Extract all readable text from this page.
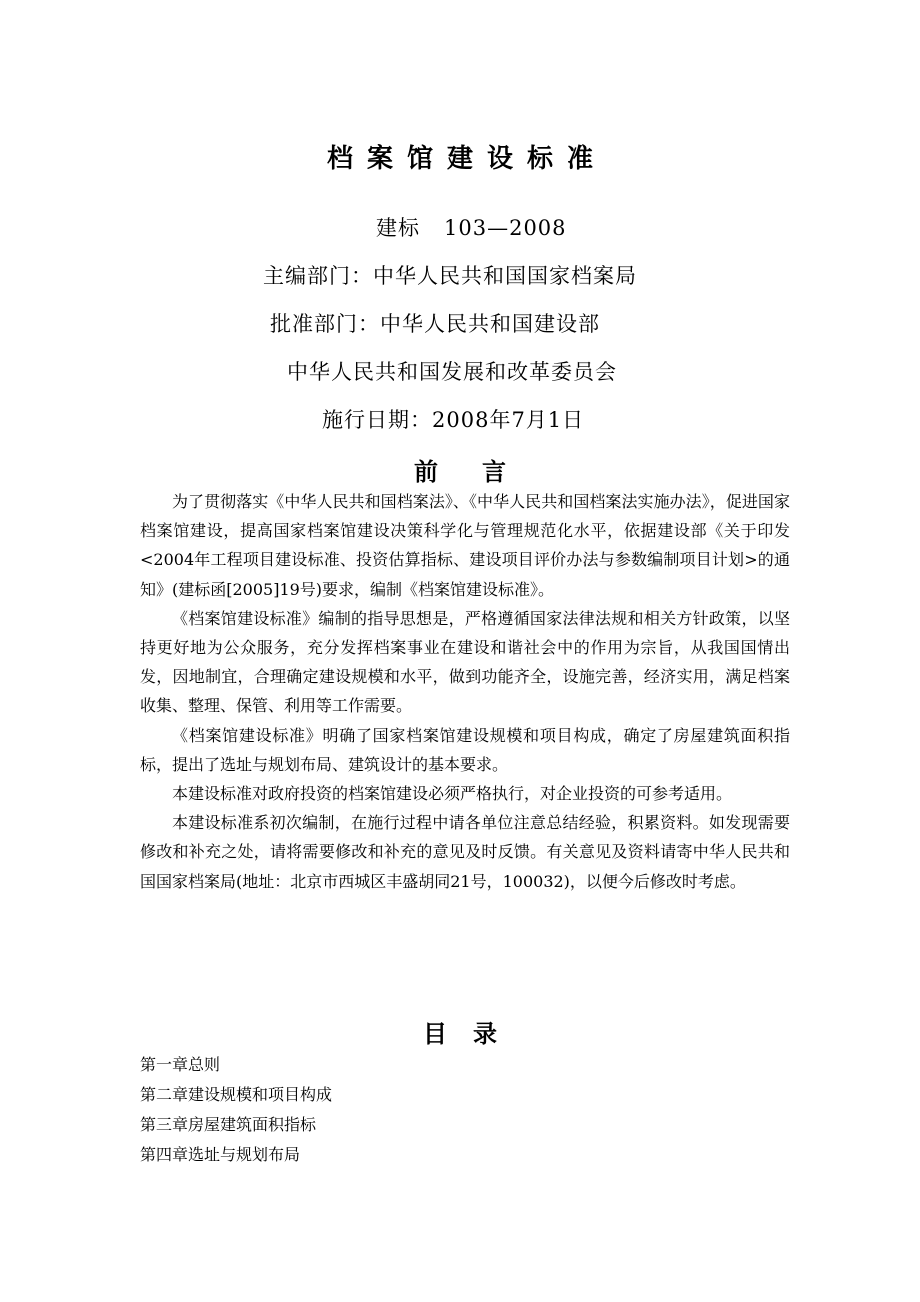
档案馆建设标准
建标 103—2008
主编部门：中华人民共和国国家档案局
批准部门：中华人民共和国建设部
中华人民共和国发展和改革委员会
施行日期：2008年7月1日
前言

为了贯彻落实《中华人民共和国档案法》、《中华人民共和国档案法实施办法》，促进国家档案馆建设，提高国家档案馆建设决策科学化与管理规范化水平，依据建设部《关于印发<2004年工程项目建设标准、投资估算指标、建设项目评价办法与参数编制项目计划>的通知》(建标函[2005]19号)要求，编制《档案馆建设标准》。

《档案馆建设标准》编制的指导思想是，严格遵循国家法律法规和相关方针政策，以坚持更好地为公众服务，充分发挥档案事业在建设和谐社会中的作用为宗旨，从我国国情出发，因地制宜，合理确定建设规模和水平，做到功能齐全，设施完善，经济实用，满足档案收集、整理、保管、利用等工作需要。

《档案馆建设标准》明确了国家档案馆建设规模和项目构成，确定了房屋建筑面积指标，提出了选址与规划布局、建筑设计的基本要求。

本建设标准对政府投资的档案馆建设必须严格执行，对企业投资的可参考适用。

本建设标准系初次编制，在施行过程中请各单位注意总结经验，积累资料。如发现需要修改和补充之处，请将需要修改和补充的意见及时反馈。有关意见及资料请寄中华人民共和国国家档案局(地址：北京市西城区丰盛胡同21号，100032)，以便今后修改时考虑。

目录
第一章总则
第二章建设规模和项目构成
第三章房屋建筑面积指标
第四章选址与规划布局
